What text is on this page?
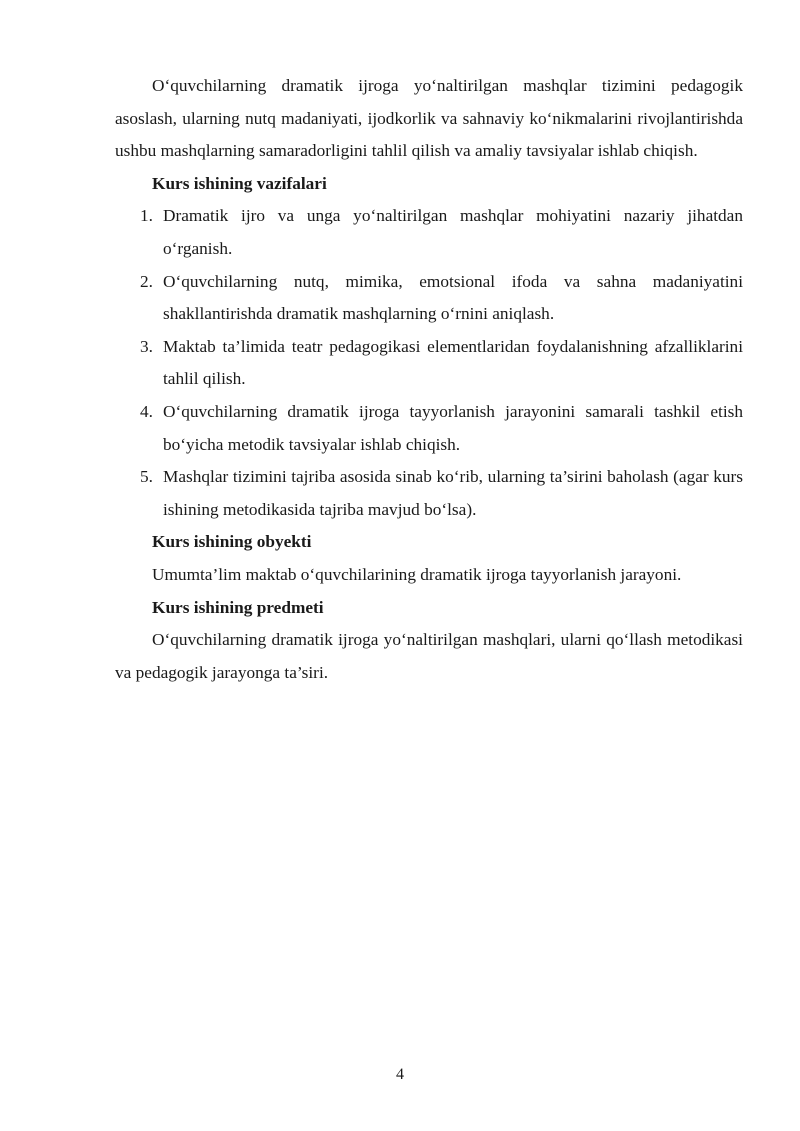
O‘quvchilarning dramatik ijroga yo‘naltirilgan mashqlar tizimini pedagogik asoslash, ularning nutq madaniyati, ijodkorlik va sahnaviy ko‘nikmalarini rivojlantirishda ushbu mashqlarning samaradorligini tahlil qilish va amaliy tavsiyalar ishlab chiqish.

Kurs ishining vazifalari

1. Dramatik ijro va unga yo‘naltirilgan mashqlar mohiyatini nazariy jihatdan o‘rganish.
2. O‘quvchilarning nutq, mimika, emotsional ifoda va sahna madaniyatini shakllantirishda dramatik mashqlarning o‘rnini aniqlash.
3. Maktab ta’limida teatr pedagogikasi elementlaridan foydalanishning afzalliklarini tahlil qilish.
4. O‘quvchilarning dramatik ijroga tayyorlanish jarayonini samarali tashkil etish bo‘yicha metodik tavsiyalar ishlab chiqish.
5. Mashqlar tizimini tajriba asosida sinab ko‘rib, ularning ta’sirini baholash (agar kurs ishining metodikasida tajriba mavjud bo‘lsa).

Kurs ishining obyekti

Umumta’lim maktab o‘quvchilarining dramatik ijroga tayyorlanish jarayoni.

Kurs ishining predmeti

O‘quvchilarning dramatik ijroga yo‘naltirilgan mashqlari, ularni qo‘llash metodikasi va pedagogik jarayonga ta’siri.

4
